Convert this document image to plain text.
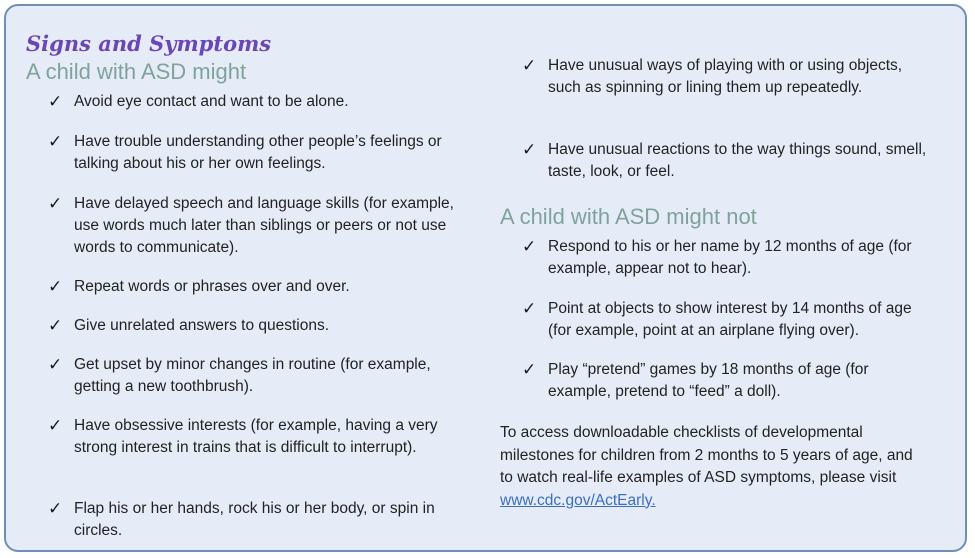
Signs and Symptoms
A child with ASD might
✓ Avoid eye contact and want to be alone.
✓ Have trouble understanding other people’s feelings or talking about his or her own feelings.
✓ Have delayed speech and language skills (for example, use words much later than siblings or peers or not use words to communicate).
✓ Repeat words or phrases over and over.
✓ Give unrelated answers to questions.
✓ Get upset by minor changes in routine (for example, getting a new toothbrush).
✓ Have obsessive interests (for example, having a very strong interest in trains that is difficult to interrupt).
✓ Flap his or her hands, rock his or her body, or spin in circles.
✓ Have unusual ways of playing with or using objects, such as spinning or lining them up repeatedly.
✓ Have unusual reactions to the way things sound, smell, taste, look, or feel.
A child with ASD might not
✓ Respond to his or her name by 12 months of age (for example, appear not to hear).
✓ Point at objects to show interest by 14 months of age (for example, point at an airplane flying over).
✓ Play “pretend” games by 18 months of age (for example, pretend to “feed” a doll).

To access downloadable checklists of developmental milestones for children from 2 months to 5 years of age, and to watch real-life examples of ASD symptoms, please visit www.cdc.gov/ActEarly.
